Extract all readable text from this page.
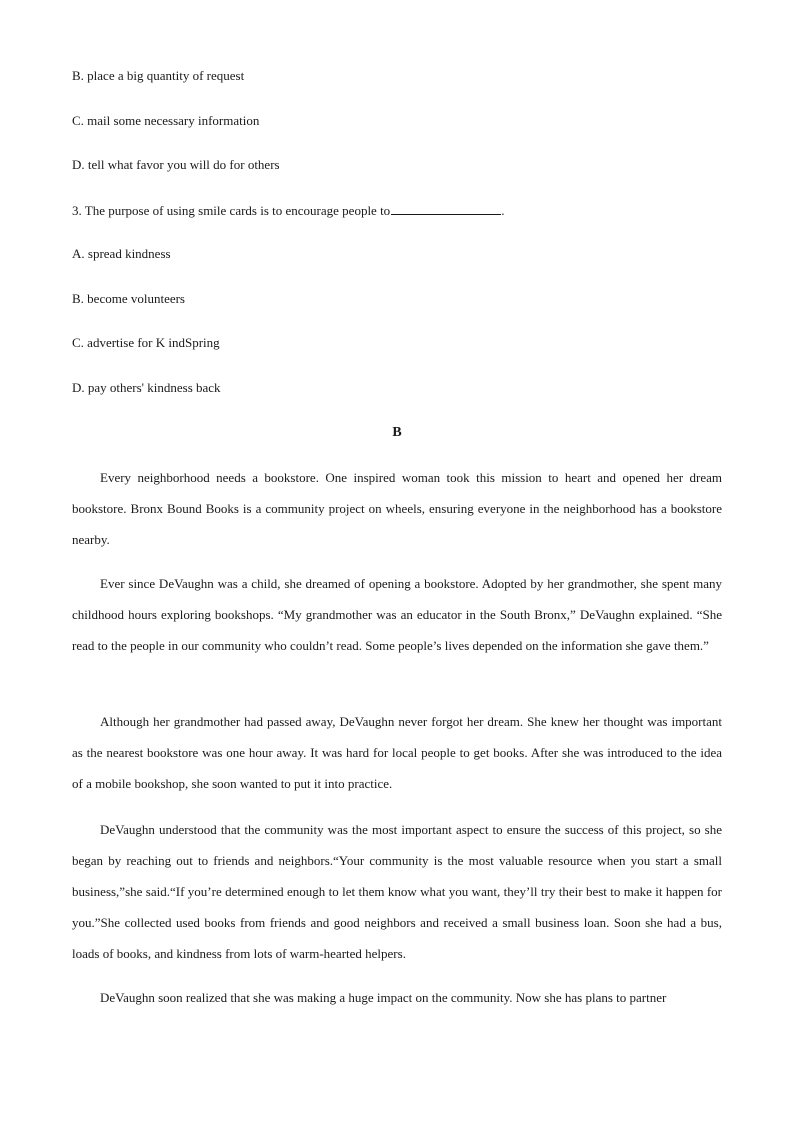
B. place a big quantity of request
C. mail some necessary information
D. tell what favor you will do for others
3. The purpose of using smile cards is to encourage people to	.
A. spread kindness
B. become volunteers
C. advertise for K indSpring
D. pay others' kindness back
B

Every neighborhood needs a bookstore. One inspired woman took this mission to heart and opened her dream bookstore. Bronx Bound Books is a community project on wheels, ensuring everyone in the neighborhood has a bookstore nearby.

Ever since DeVaughn was a child, she dreamed of opening a bookstore. Adopted by her grandmother, she spent many childhood hours exploring bookshops. “My grandmother was an educator in the South Bronx,” DeVaughn explained. “She read to the people in our community who couldn’t read. Some people’s lives depended on the information she gave them.”

Although her grandmother had passed away, DeVaughn never forgot her dream. She knew her thought was important as the nearest bookstore was one hour away. It was hard for local people to get books. After she was introduced to the idea of a mobile bookshop, she soon wanted to put it into practice.

DeVaughn understood that the community was the most important aspect to ensure the success of this project, so she began by reaching out to friends and neighbors.“Your community is the most valuable resource when you start a small business,”she said.“If you’re determined enough to let them know what you want, they’ll try their best to make it happen for you.”She collected used books from friends and good neighbors and received a small business loan. Soon she had a bus, loads of books, and kindness from lots of warm-hearted helpers.

DeVaughn soon realized that she was making a huge impact on the community. Now she has plans to partner
